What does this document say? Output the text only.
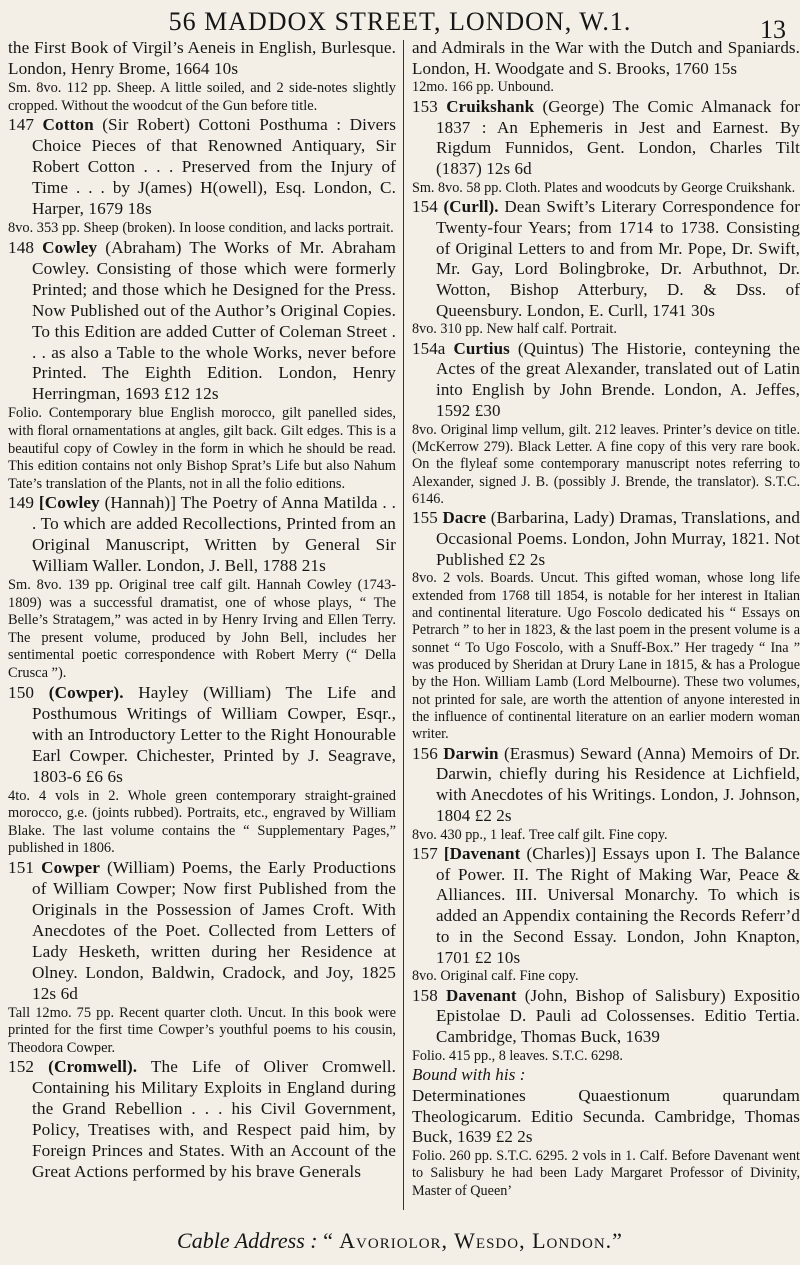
56 MADDOX STREET, LONDON, W.1.	13

the First Book of Virgil’s Aeneis in English, Burlesque. London, Henry Brome, 1664 10s

Sm. 8vo. 112 pp. Sheep. A little soiled, and 2 side-notes slightly cropped. Without the woodcut of the Gun before title.

147 Cotton (Sir Robert) Cottoni Posthuma : Divers Choice Pieces of that Renowned Antiquary, Sir Robert Cotton . . . Preserved from the Injury of Time . . . by J(ames) H(owell), Esq. London, C. Harper, 1679 18s

8vo. 353 pp. Sheep (broken). In loose condition, and lacks portrait.

148 Cowley (Abraham) The Works of Mr. Abraham Cowley. Consisting of those which were formerly Printed; and those which he Designed for the Press. Now Published out of the Author’s Original Copies. To this Edition are added Cutter of Coleman Street . . . as also a Table to the whole Works, never before Printed. The Eighth Edition. London, Henry Herringman, 1693 £12 12s

Folio. Contemporary blue English morocco, gilt panelled sides, with floral ornamentations at angles, gilt back. Gilt edges. This is a beautiful copy of Cowley in the form in which he should be read. This edition contains not only Bishop Sprat’s Life but also Nahum Tate’s translation of the Plants, not in all the folio editions.

149 [Cowley (Hannah)] The Poetry of Anna Matilda . . . To which are added Recollections, Printed from an Original Manuscript, Written by General Sir William Waller. London, J. Bell, 1788 21s

Sm. 8vo. 139 pp. Original tree calf gilt. Hannah Cowley (1743-1809) was a successful dramatist, one of whose plays, “ The Belle’s Stratagem,” was acted in by Henry Irving and Ellen Terry. The present volume, produced by John Bell, includes her sentimental poetic correspondence with Robert Merry (“ Della Crusca ”).

150 (Cowper). Hayley (William) The Life and Posthumous Writings of William Cowper, Esqr., with an Introductory Letter to the Right Honourable Earl Cowper. Chichester, Printed by J. Seagrave, 1803-6 £6 6s

4to. 4 vols in 2. Whole green contemporary straight-grained morocco, g.e. (joints rubbed). Portraits, etc., engraved by William Blake. The last volume contains the “ Supplementary Pages,” published in 1806.

151 Cowper (William) Poems, the Early Productions of William Cowper; Now first Published from the Originals in the Possession of James Croft. With Anecdotes of the Poet. Collected from Letters of Lady Hesketh, written during her Residence at Olney. London, Baldwin, Cradock, and Joy, 1825 12s 6d

Tall 12mo. 75 pp. Recent quarter cloth. Uncut. In this book were printed for the first time Cowper’s youthful poems to his cousin, Theodora Cowper.

152 (Cromwell). The Life of Oliver Cromwell. Containing his Military Exploits in England during the Grand Rebellion . . . his Civil Government, Policy, Treatises with, and Respect paid him, by Foreign Princes and States. With an Account of the Great Actions performed by his brave Generals

and Admirals in the War with the Dutch and Spaniards. London, H. Woodgate and S. Brooks, 1760 15s

12mo. 166 pp. Unbound.

153 Cruikshank (George) The Comic Almanack for 1837 : An Ephemeris in Jest and Earnest. By Rigdum Funnidos, Gent. London, Charles Tilt (1837) 12s 6d

Sm. 8vo. 58 pp. Cloth. Plates and woodcuts by George Cruikshank.

154 (Curll). Dean Swift’s Literary Correspondence for Twenty-four Years; from 1714 to 1738. Consisting of Original Letters to and from Mr. Pope, Dr. Swift, Mr. Gay, Lord Bolingbroke, Dr. Arbuthnot, Dr. Wotton, Bishop Atterbury, D. & Dss. of Queensbury. London, E. Curll, 1741 30s

8vo. 310 pp. New half calf. Portrait.

154a Curtius (Quintus) The Historie, conteyning the Actes of the great Alexander, translated out of Latin into English by John Brende. London, A. Jeffes, 1592 £30

8vo. Original limp vellum, gilt. 212 leaves. Printer’s device on title. (McKerrow 279). Black Letter. A fine copy of this very rare book. On the flyleaf some contemporary manuscript notes referring to Alexander, signed J. B. (possibly J. Brende, the translator). S.T.C. 6146.

155 Dacre (Barbarina, Lady) Dramas, Translations, and Occasional Poems. London, John Murray, 1821. Not Published £2 2s

8vo. 2 vols. Boards. Uncut. This gifted woman, whose long life extended from 1768 till 1854, is notable for her interest in Italian and continental literature. Ugo Foscolo dedicated his “ Essays on Petrarch ” to her in 1823, & the last poem in the present volume is a sonnet “ To Ugo Foscolo, with a Snuff-Box.” Her tragedy “ Ina ” was produced by Sheridan at Drury Lane in 1815, & has a Prologue by the Hon. William Lamb (Lord Melbourne). These two volumes, not printed for sale, are worth the attention of anyone interested in the influence of continental literature on an earlier modern woman writer.

156 Darwin (Erasmus) Seward (Anna) Memoirs of Dr. Darwin, chiefly during his Residence at Lichfield, with Anecdotes of his Writings. London, J. Johnson, 1804 £2 2s

8vo. 430 pp., 1 leaf. Tree calf gilt. Fine copy.

157 [Davenant (Charles)] Essays upon I. The Balance of Power. II. The Right of Making War, Peace & Alliances. III. Universal Monarchy. To which is added an Appendix containing the Records Referr’d to in the Second Essay. London, John Knapton, 1701 £2 10s

8vo. Original calf. Fine copy.

158 Davenant (John, Bishop of Salisbury) Expositio Epistolae D. Pauli ad Colossenses. Editio Tertia. Cambridge, Thomas Buck, 1639

Folio. 415 pp., 8 leaves. S.T.C. 6298.

Bound with his :

Determinationes Quaestionum quarundam Theologicarum. Editio Secunda. Cambridge, Thomas Buck, 1639 £2 2s

Folio. 260 pp. S.T.C. 6295. 2 vols in 1. Calf. Before Davenant went to Salisbury he had been Lady Margaret Professor of Divinity, Master of Queen’

Cable Address : “ Avoriolor, Wesdo, London.”
